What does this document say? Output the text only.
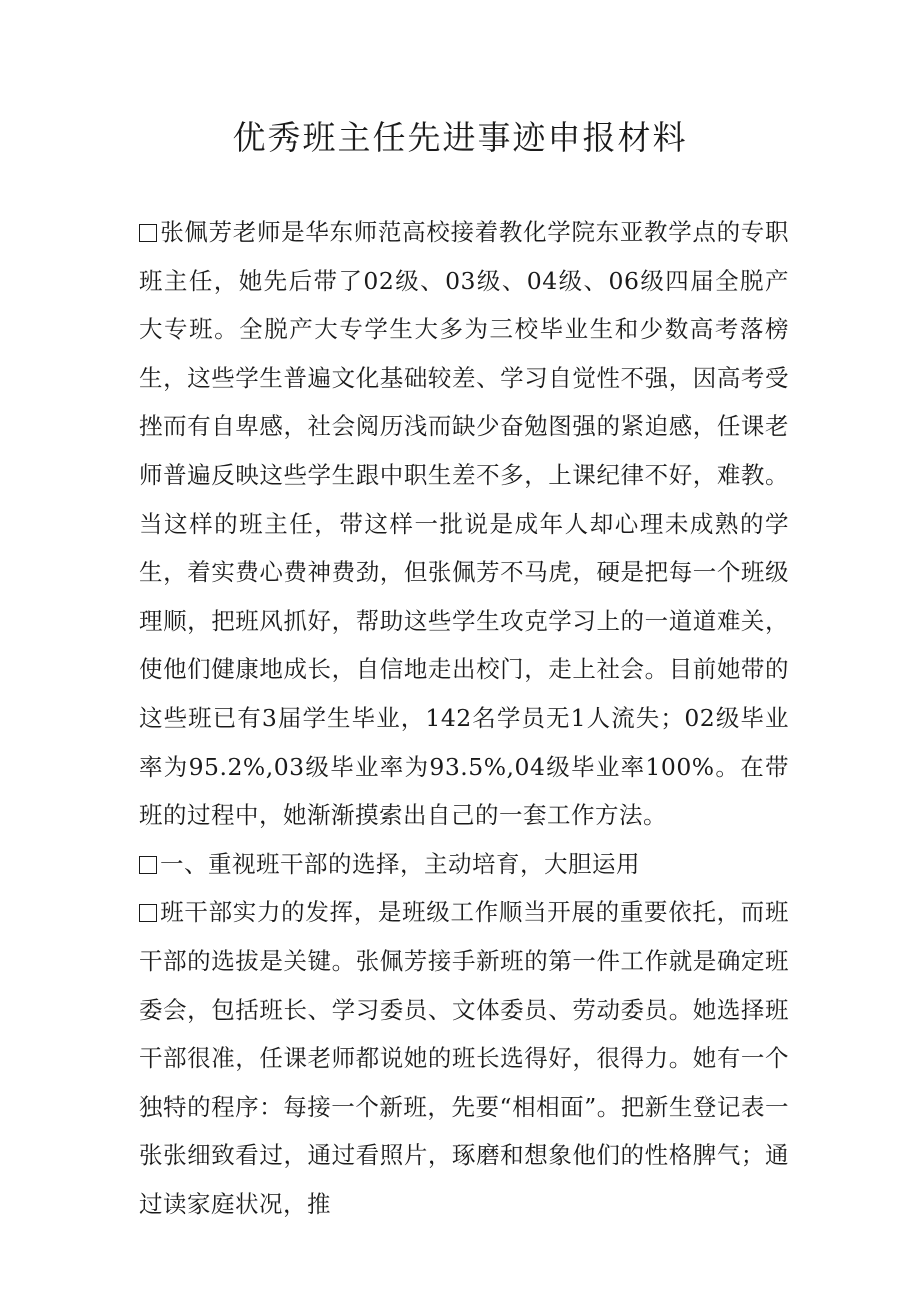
优秀班主任先进事迹申报材料

张佩芳老师是华东师范高校接着教化学院东亚教学点的专职班主任，她先后带了02级、03级、04级、06级四届全脱产大专班。全脱产大专学生大多为三校毕业生和少数高考落榜生，这些学生普遍文化基础较差、学习自觉性不强，因高考受挫而有自卑感，社会阅历浅而缺少奋勉图强的紧迫感，任课老师普遍反映这些学生跟中职生差不多，上课纪律不好，难教。当这样的班主任，带这样一批说是成年人却心理未成熟的学生，着实费心费神费劲，但张佩芳不马虎，硬是把每一个班级理顺，把班风抓好，帮助这些学生攻克学习上的一道道难关，使他们健康地成长，自信地走出校门，走上社会。目前她带的这些班已有3届学生毕业，142名学员无1人流失；02级毕业率为95.2%,03级毕业率为93.5%,04级毕业率100%。在带班的过程中，她渐渐摸索出自己的一套工作方法。

一、重视班干部的选择，主动培育，大胆运用

班干部实力的发挥，是班级工作顺当开展的重要依托，而班干部的选拔是关键。张佩芳接手新班的第一件工作就是确定班委会，包括班长、学习委员、文体委员、劳动委员。她选择班干部很准，任课老师都说她的班长选得好，很得力。她有一个独特的程序：每接一个新班，先要“相相面”。把新生登记表一张张细致看过，通过看照片，琢磨和想象他们的性格脾气；通过读家庭状况，推
